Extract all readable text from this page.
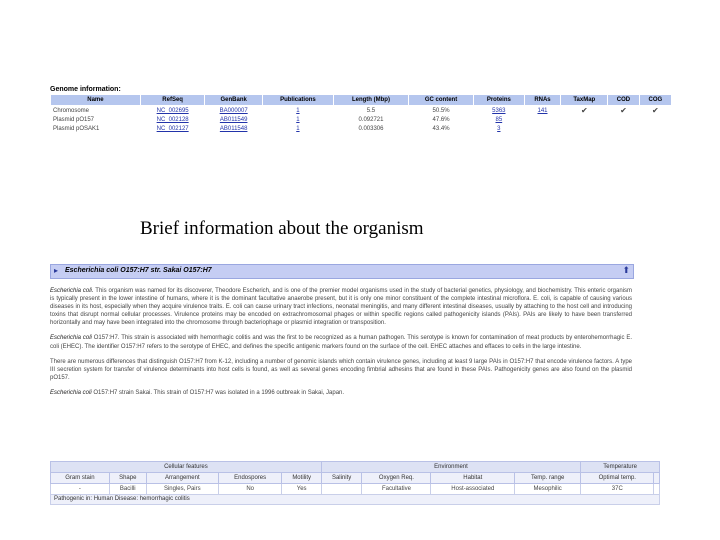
Genome information:
Name	RefSeq	GenBank	Publications	Length (Mbp)	GC content	Proteins	RNAs	TaxMap	COD	COG
Chromosome	NC_002695	BA000007	1	5.5	50.5%	5363	141	✔	✔	✔
Plasmid pO157	NC_002128	AB011549	1	0.092721	47.6%	85				
Plasmid pOSAK1	NC_002127	AB011548	1	0.003306	43.4%	3				
Brief information about the organism
▸ Escherichia coli O157:H7 str. Sakai O157:H7	⬆

Escherichia coli. This organism was named for its discoverer, Theodore Escherich, and is one of the premier model organisms used in the study of bacterial genetics, physiology, and biochemistry. This enteric organism is typically present in the lower intestine of humans, where it is the dominant facultative anaerobe present, but it is only one minor constituent of the complete intestinal microflora. E. coli, is capable of causing various diseases in its host, especially when they acquire virulence traits. E. coli can cause urinary tract infections, neonatal meningitis, and many different intestinal diseases, usually by attaching to the host cell and introducing toxins that disrupt normal cellular processes. Virulence proteins may be encoded on extrachromosomal phages or within specific regions called pathogenicity islands (PAIs). PAIs are likely to have been transferred horizontally and may have been integrated into the chromosome through bacteriophage or plasmid integration or transposition.

Escherichia coli O157:H7. This strain is associated with hemorrhagic colitis and was the first to be recognized as a human pathogen. This serotype is known for contamination of meat products by enterohemorrhagic E. coli (EHEC). The identifier O157:H7 refers to the serotype of EHEC, and defines the specific antigenic markers found on the surface of the cell. EHEC attaches and effaces to cells in the large intestine.

There are numerous differences that distinguish O157:H7 from K-12, including a number of genomic islands which contain virulence genes, including at least 9 large PAIs in O157:H7 that encode virulence factors. A type III secretion system for transfer of virulence determinants into host cells is found, as well as several genes encoding fimbrial adhesins that are found in these PAIs. Pathogenicity genes are also found on the plasmid pO157.

Escherichia coli O157:H7 strain Sakai. This strain of O157:H7 was isolated in a 1996 outbreak in Sakai, Japan.

Cellular features					Environment				Temperature	
Gram stain	Shape	Arrangement	Endospores	Motility	Salinity	Oxygen Req.	Habitat	Temp. range	Optimal temp.	
-	Bacilli	Singles, Pairs	No	Yes		Facultative	Host-associated	Mesophilic	37C	
Pathogenic in: Human Disease: hemorrhagic colitis
